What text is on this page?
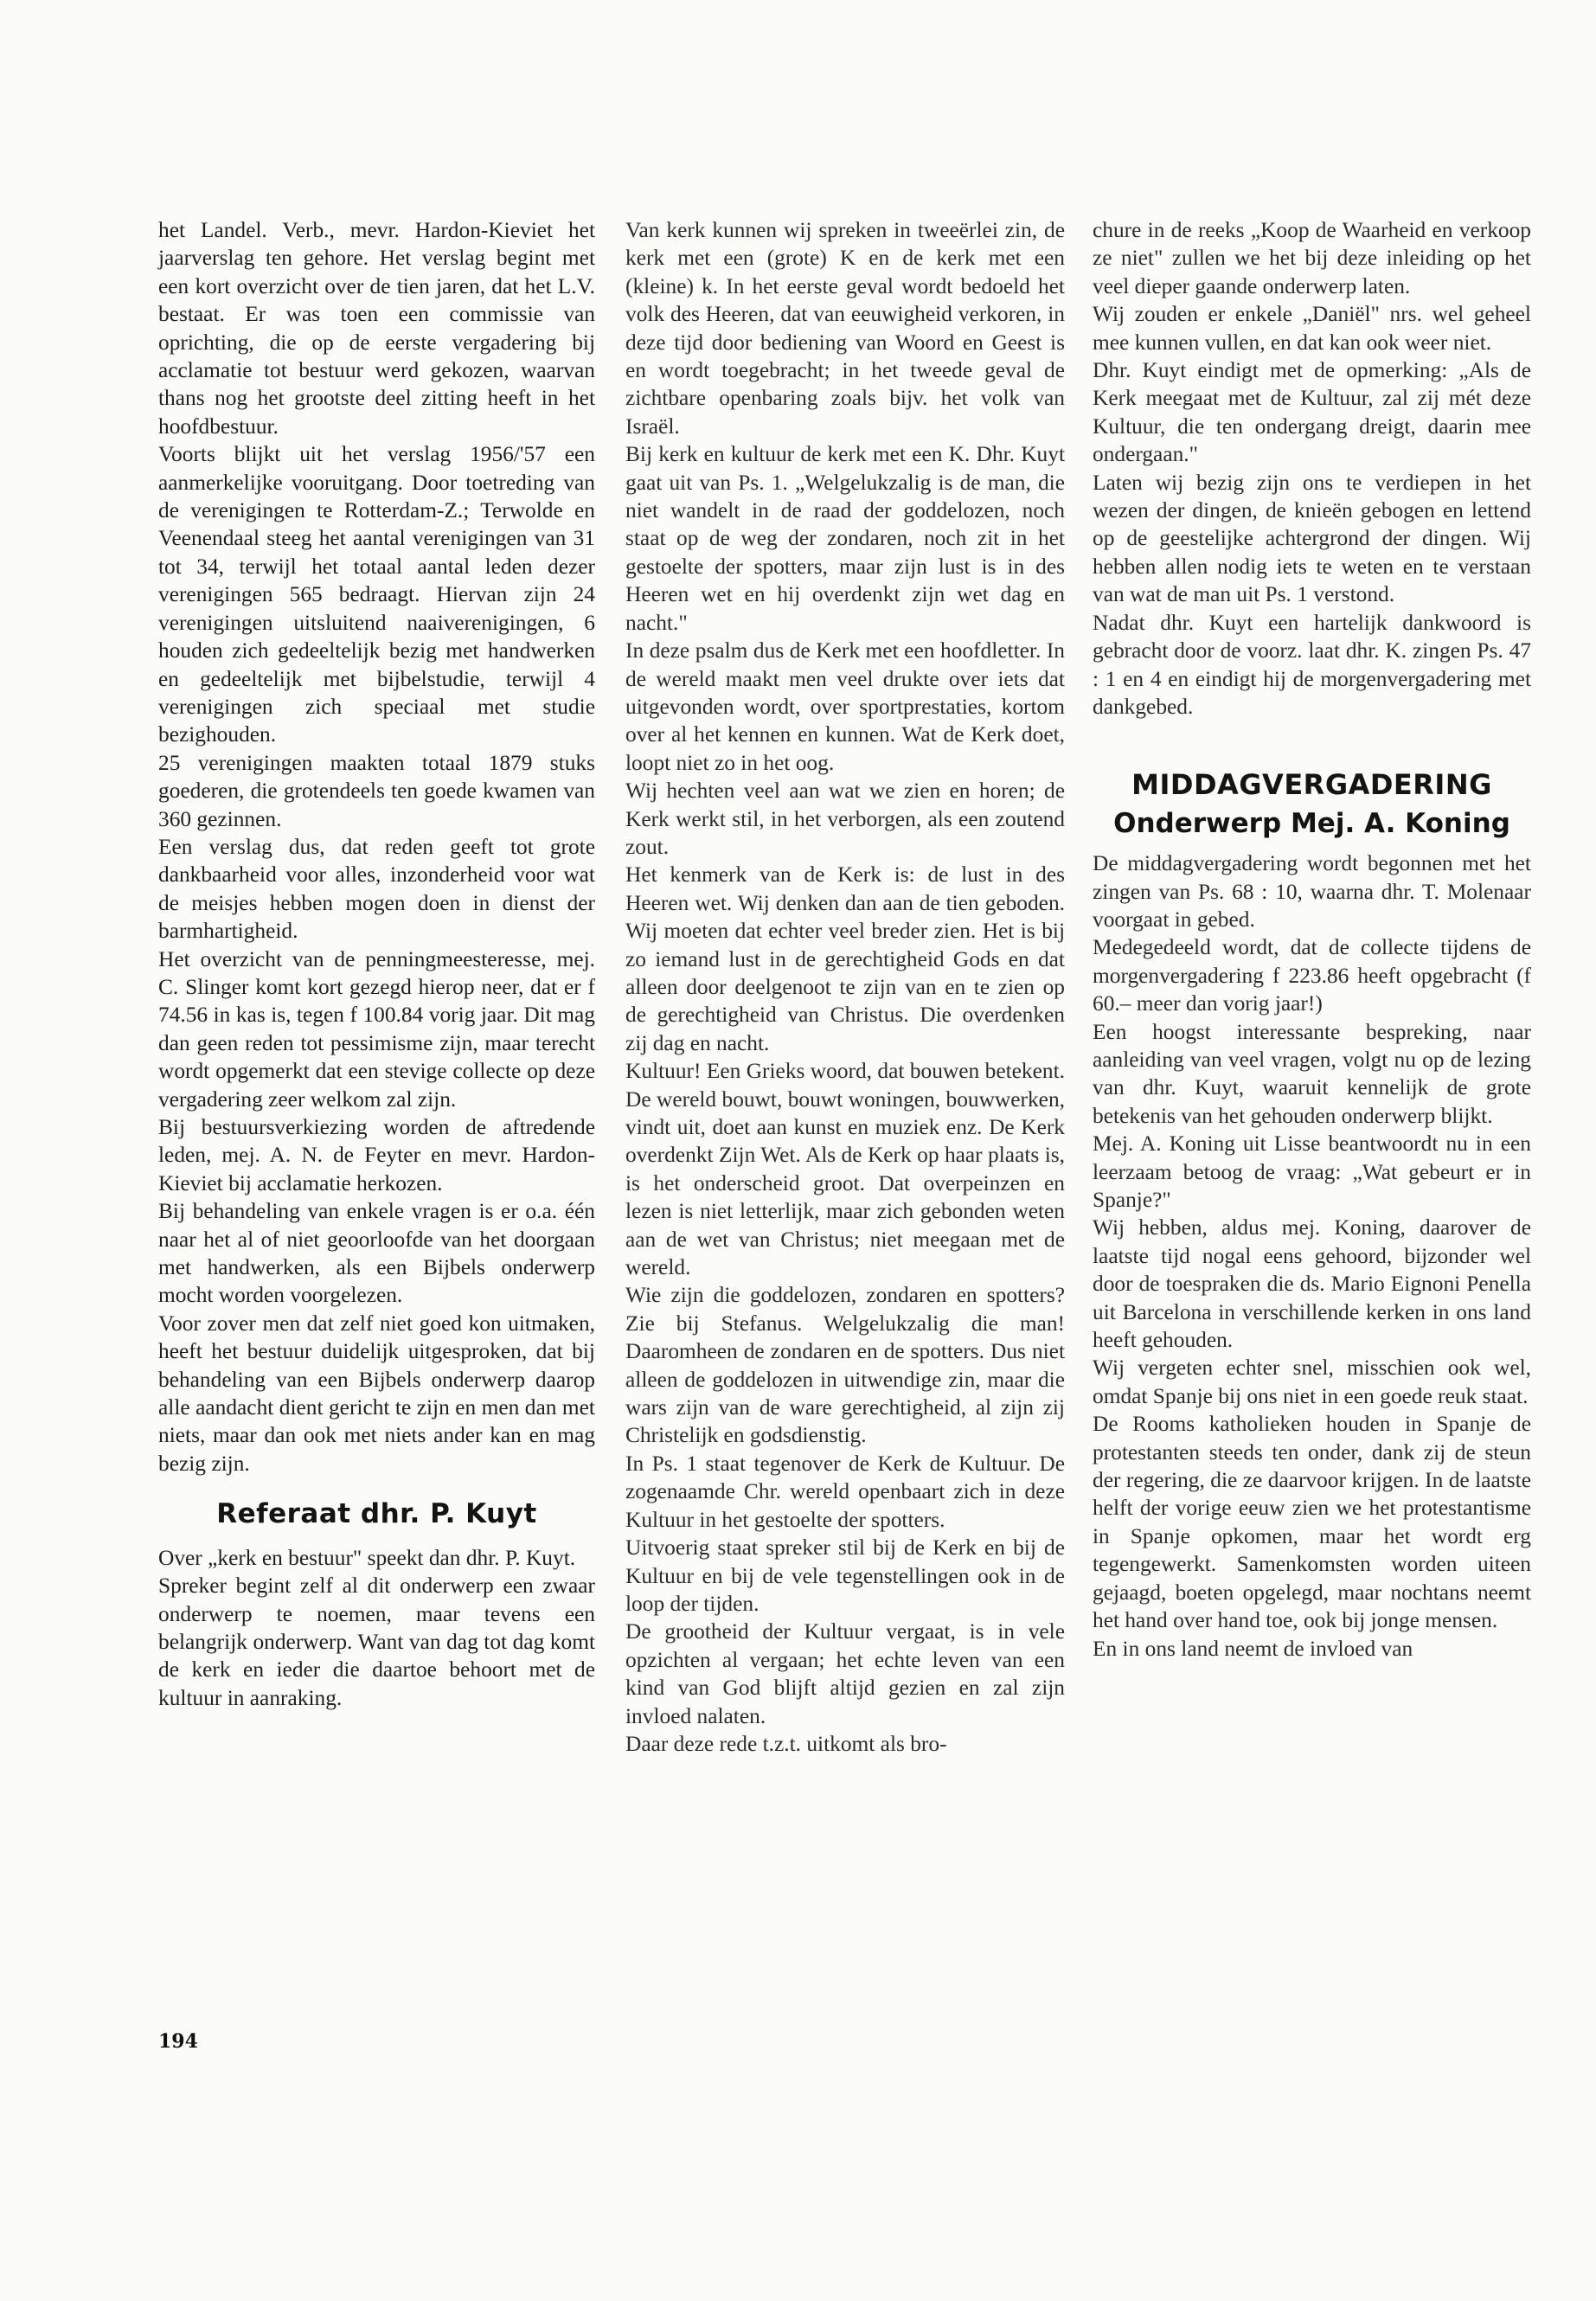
het Landel. Verb., mevr. Hardon-Kieviet het jaarverslag ten gehore. Het verslag begint met een kort overzicht over de tien jaren, dat het L.V. bestaat. Er was toen een commissie van oprichting, die op de eerste vergadering bij acclamatie tot bestuur werd gekozen, waarvan thans nog het grootste deel zitting heeft in het hoofdbestuur.

Voorts blijkt uit het verslag 1956/'57 een aanmerkelijke vooruitgang. Door toetreding van de verenigingen te Rotterdam-Z.; Terwolde en Veenendaal steeg het aantal verenigingen van 31 tot 34, terwijl het totaal aantal leden dezer verenigingen 565 bedraagt. Hiervan zijn 24 verenigingen uitsluitend naaiverenigingen, 6 houden zich gedeeltelijk bezig met handwerken en gedeeltelijk met bijbelstudie, terwijl 4 verenigingen zich speciaal met studie bezighouden.

25 verenigingen maakten totaal 1879 stuks goederen, die grotendeels ten goede kwamen van 360 gezinnen.

Een verslag dus, dat reden geeft tot grote dankbaarheid voor alles, inzonderheid voor wat de meisjes hebben mogen doen in dienst der barmhartigheid.

Het overzicht van de penningmeesteresse, mej. C. Slinger komt kort gezegd hierop neer, dat er f 74.56 in kas is, tegen f 100.84 vorig jaar. Dit mag dan geen reden tot pessimisme zijn, maar terecht wordt opgemerkt dat een stevige collecte op deze vergadering zeer welkom zal zijn.

Bij bestuursverkiezing worden de aftredende leden, mej. A. N. de Feyter en mevr. Hardon-Kieviet bij acclamatie herkozen.

Bij behandeling van enkele vragen is er o.a. één naar het al of niet geoorloofde van het doorgaan met handwerken, als een Bijbels onderwerp mocht worden voorgelezen.

Voor zover men dat zelf niet goed kon uitmaken, heeft het bestuur duidelijk uitgesproken, dat bij behandeling van een Bijbels onderwerp daarop alle aandacht dient gericht te zijn en men dan met niets, maar dan ook met niets ander kan en mag bezig zijn.

Referaat dhr. P. Kuyt

Over „kerk en bestuur" speekt dan dhr. P. Kuyt.

Spreker begint zelf al dit onderwerp een zwaar onderwerp te noemen, maar tevens een belangrijk onderwerp. Want van dag tot dag komt de kerk en ieder die daartoe behoort met de kultuur in aanraking.

Van kerk kunnen wij spreken in tweeërlei zin, de kerk met een (grote) K en de kerk met een (kleine) k. In het eerste geval wordt bedoeld het volk des Heeren, dat van eeuwigheid verkoren, in deze tijd door bediening van Woord en Geest is en wordt toegebracht; in het tweede geval de zichtbare openbaring zoals bijv. het volk van Israël.

Bij kerk en kultuur de kerk met een K. Dhr. Kuyt gaat uit van Ps. 1. „Welgelukzalig is de man, die niet wandelt in de raad der goddelozen, noch staat op de weg der zondaren, noch zit in het gestoelte der spotters, maar zijn lust is in des Heeren wet en hij overdenkt zijn wet dag en nacht."

In deze psalm dus de Kerk met een hoofdletter. In de wereld maakt men veel drukte over iets dat uitgevonden wordt, over sportprestaties, kortom over al het kennen en kunnen. Wat de Kerk doet, loopt niet zo in het oog.

Wij hechten veel aan wat we zien en horen; de Kerk werkt stil, in het verborgen, als een zoutend zout.

Het kenmerk van de Kerk is: de lust in des Heeren wet. Wij denken dan aan de tien geboden. Wij moeten dat echter veel breder zien. Het is bij zo iemand lust in de gerechtigheid Gods en dat alleen door deelgenoot te zijn van en te zien op de gerechtigheid van Christus. Die overdenken zij dag en nacht.

Kultuur! Een Grieks woord, dat bouwen betekent. De wereld bouwt, bouwt woningen, bouwwerken, vindt uit, doet aan kunst en muziek enz. De Kerk overdenkt Zijn Wet. Als de Kerk op haar plaats is, is het onderscheid groot. Dat overpeinzen en lezen is niet letterlijk, maar zich gebonden weten aan de wet van Christus; niet meegaan met de wereld.

Wie zijn die goddelozen, zondaren en spotters? Zie bij Stefanus. Welgelukzalig die man! Daaromheen de zondaren en de spotters. Dus niet alleen de goddelozen in uitwendige zin, maar die wars zijn van de ware gerechtigheid, al zijn zij Christelijk en godsdienstig.

In Ps. 1 staat tegenover de Kerk de Kultuur. De zogenaamde Chr. wereld openbaart zich in deze Kultuur in het gestoelte der spotters.

Uitvoerig staat spreker stil bij de Kerk en bij de Kultuur en bij de vele tegenstellingen ook in de loop der tijden.

De grootheid der Kultuur vergaat, is in vele opzichten al vergaan; het echte leven van een kind van God blijft altijd gezien en zal zijn invloed nalaten.

Daar deze rede t.z.t. uitkomt als bro-

chure in de reeks „Koop de Waarheid en verkoop ze niet" zullen we het bij deze inleiding op het veel dieper gaande onderwerp laten.

Wij zouden er enkele „Daniël" nrs. wel geheel mee kunnen vullen, en dat kan ook weer niet.

Dhr. Kuyt eindigt met de opmerking: „Als de Kerk meegaat met de Kultuur, zal zij mét deze Kultuur, die ten ondergang dreigt, daarin mee ondergaan."

Laten wij bezig zijn ons te verdiepen in het wezen der dingen, de knieën gebogen en lettend op de geestelijke achtergrond der dingen. Wij hebben allen nodig iets te weten en te verstaan van wat de man uit Ps. 1 verstond.

Nadat dhr. Kuyt een hartelijk dankwoord is gebracht door de voorz. laat dhr. K. zingen Ps. 47 : 1 en 4 en eindigt hij de morgenvergadering met dankgebed.

MIDDAGVERGADERING
Onderwerp Mej. A. Koning

De middagvergadering wordt begonnen met het zingen van Ps. 68 : 10, waarna dhr. T. Molenaar voorgaat in gebed.

Medegedeeld wordt, dat de collecte tijdens de morgenvergadering f 223.86 heeft opgebracht (f 60.– meer dan vorig jaar!)

Een hoogst interessante bespreking, naar aanleiding van veel vragen, volgt nu op de lezing van dhr. Kuyt, waaruit kennelijk de grote betekenis van het gehouden onderwerp blijkt.

Mej. A. Koning uit Lisse beantwoordt nu in een leerzaam betoog de vraag: „Wat gebeurt er in Spanje?"

Wij hebben, aldus mej. Koning, daarover de laatste tijd nogal eens gehoord, bijzonder wel door de toespraken die ds. Mario Eignoni Penella uit Barcelona in verschillende kerken in ons land heeft gehouden.

Wij vergeten echter snel, misschien ook wel, omdat Spanje bij ons niet in een goede reuk staat.

De Rooms katholieken houden in Spanje de protestanten steeds ten onder, dank zij de steun der regering, die ze daarvoor krijgen. In de laatste helft der vorige eeuw zien we het protestantisme in Spanje opkomen, maar het wordt erg tegengewerkt. Samenkomsten worden uiteen gejaagd, boeten opgelegd, maar nochtans neemt het hand over hand toe, ook bij jonge mensen.

En in ons land neemt de invloed van

194
